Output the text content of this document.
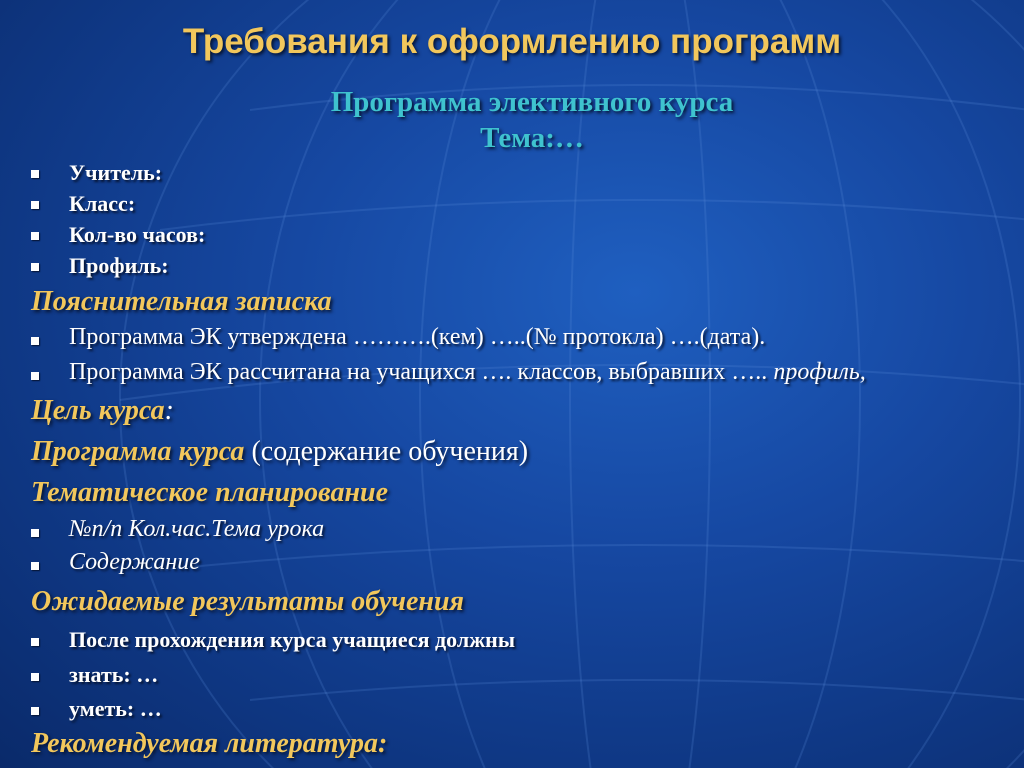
Требования к оформлению программ
Программа элективного курса
Тема:…
Учитель:
Класс:
Кол-во часов:
Профиль:
Пояснительная записка
Программа ЭК утверждена ……….(кем) …..(№ протокла) ….(дата).
Программа ЭК рассчитана на учащихся …. классов, выбравших ….. профиль,
Цель курса:
Программа курса (содержание обучения)
Тематическое планирование
№п/п Кол.час.Тема урока
Содержание
Ожидаемые результаты обучения
После прохождения курса учащиеся должны
знать: …
уметь: …
Рекомендуемая литература:
